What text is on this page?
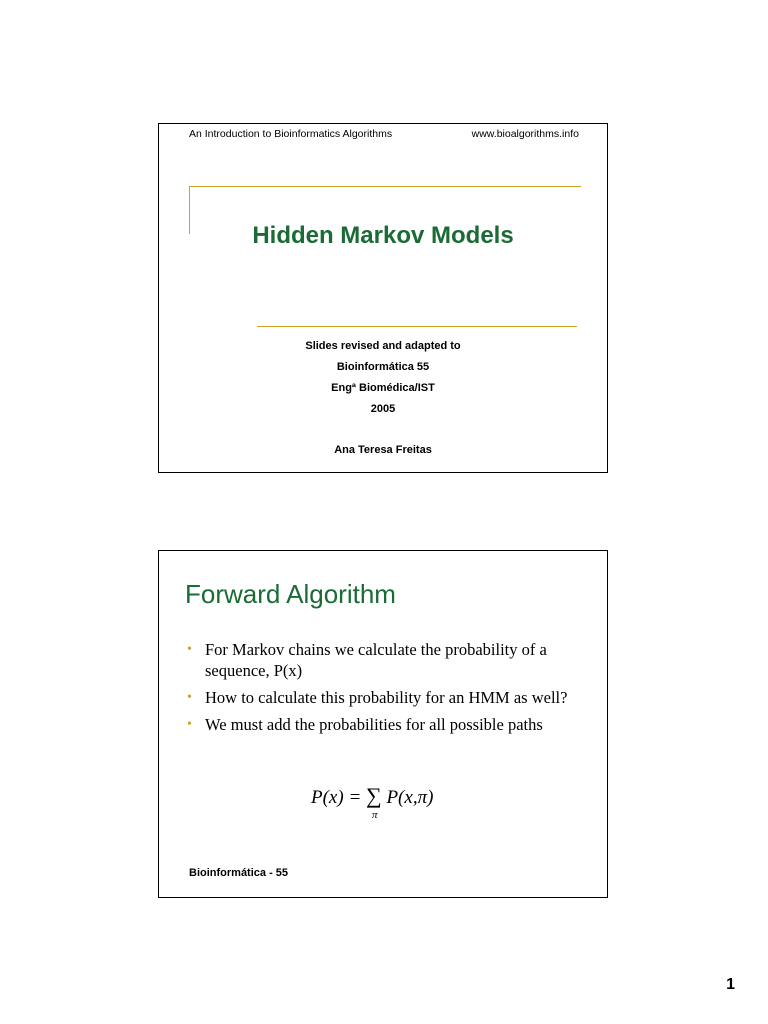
An Introduction to Bioinformatics Algorithms	www.bioalgorithms.info
Hidden Markov Models
Slides revised and adapted to
Bioinformática 55
Engª Biomédica/IST
2005
Ana Teresa Freitas
Forward Algorithm
• For Markov chains we calculate the probability of a sequence, P(x)
• How to calculate this probability for an HMM as well?
• We must add the probabilities for all possible paths
P(x) = ∑
π
P(x,π)
Bioinformática - 55
1
